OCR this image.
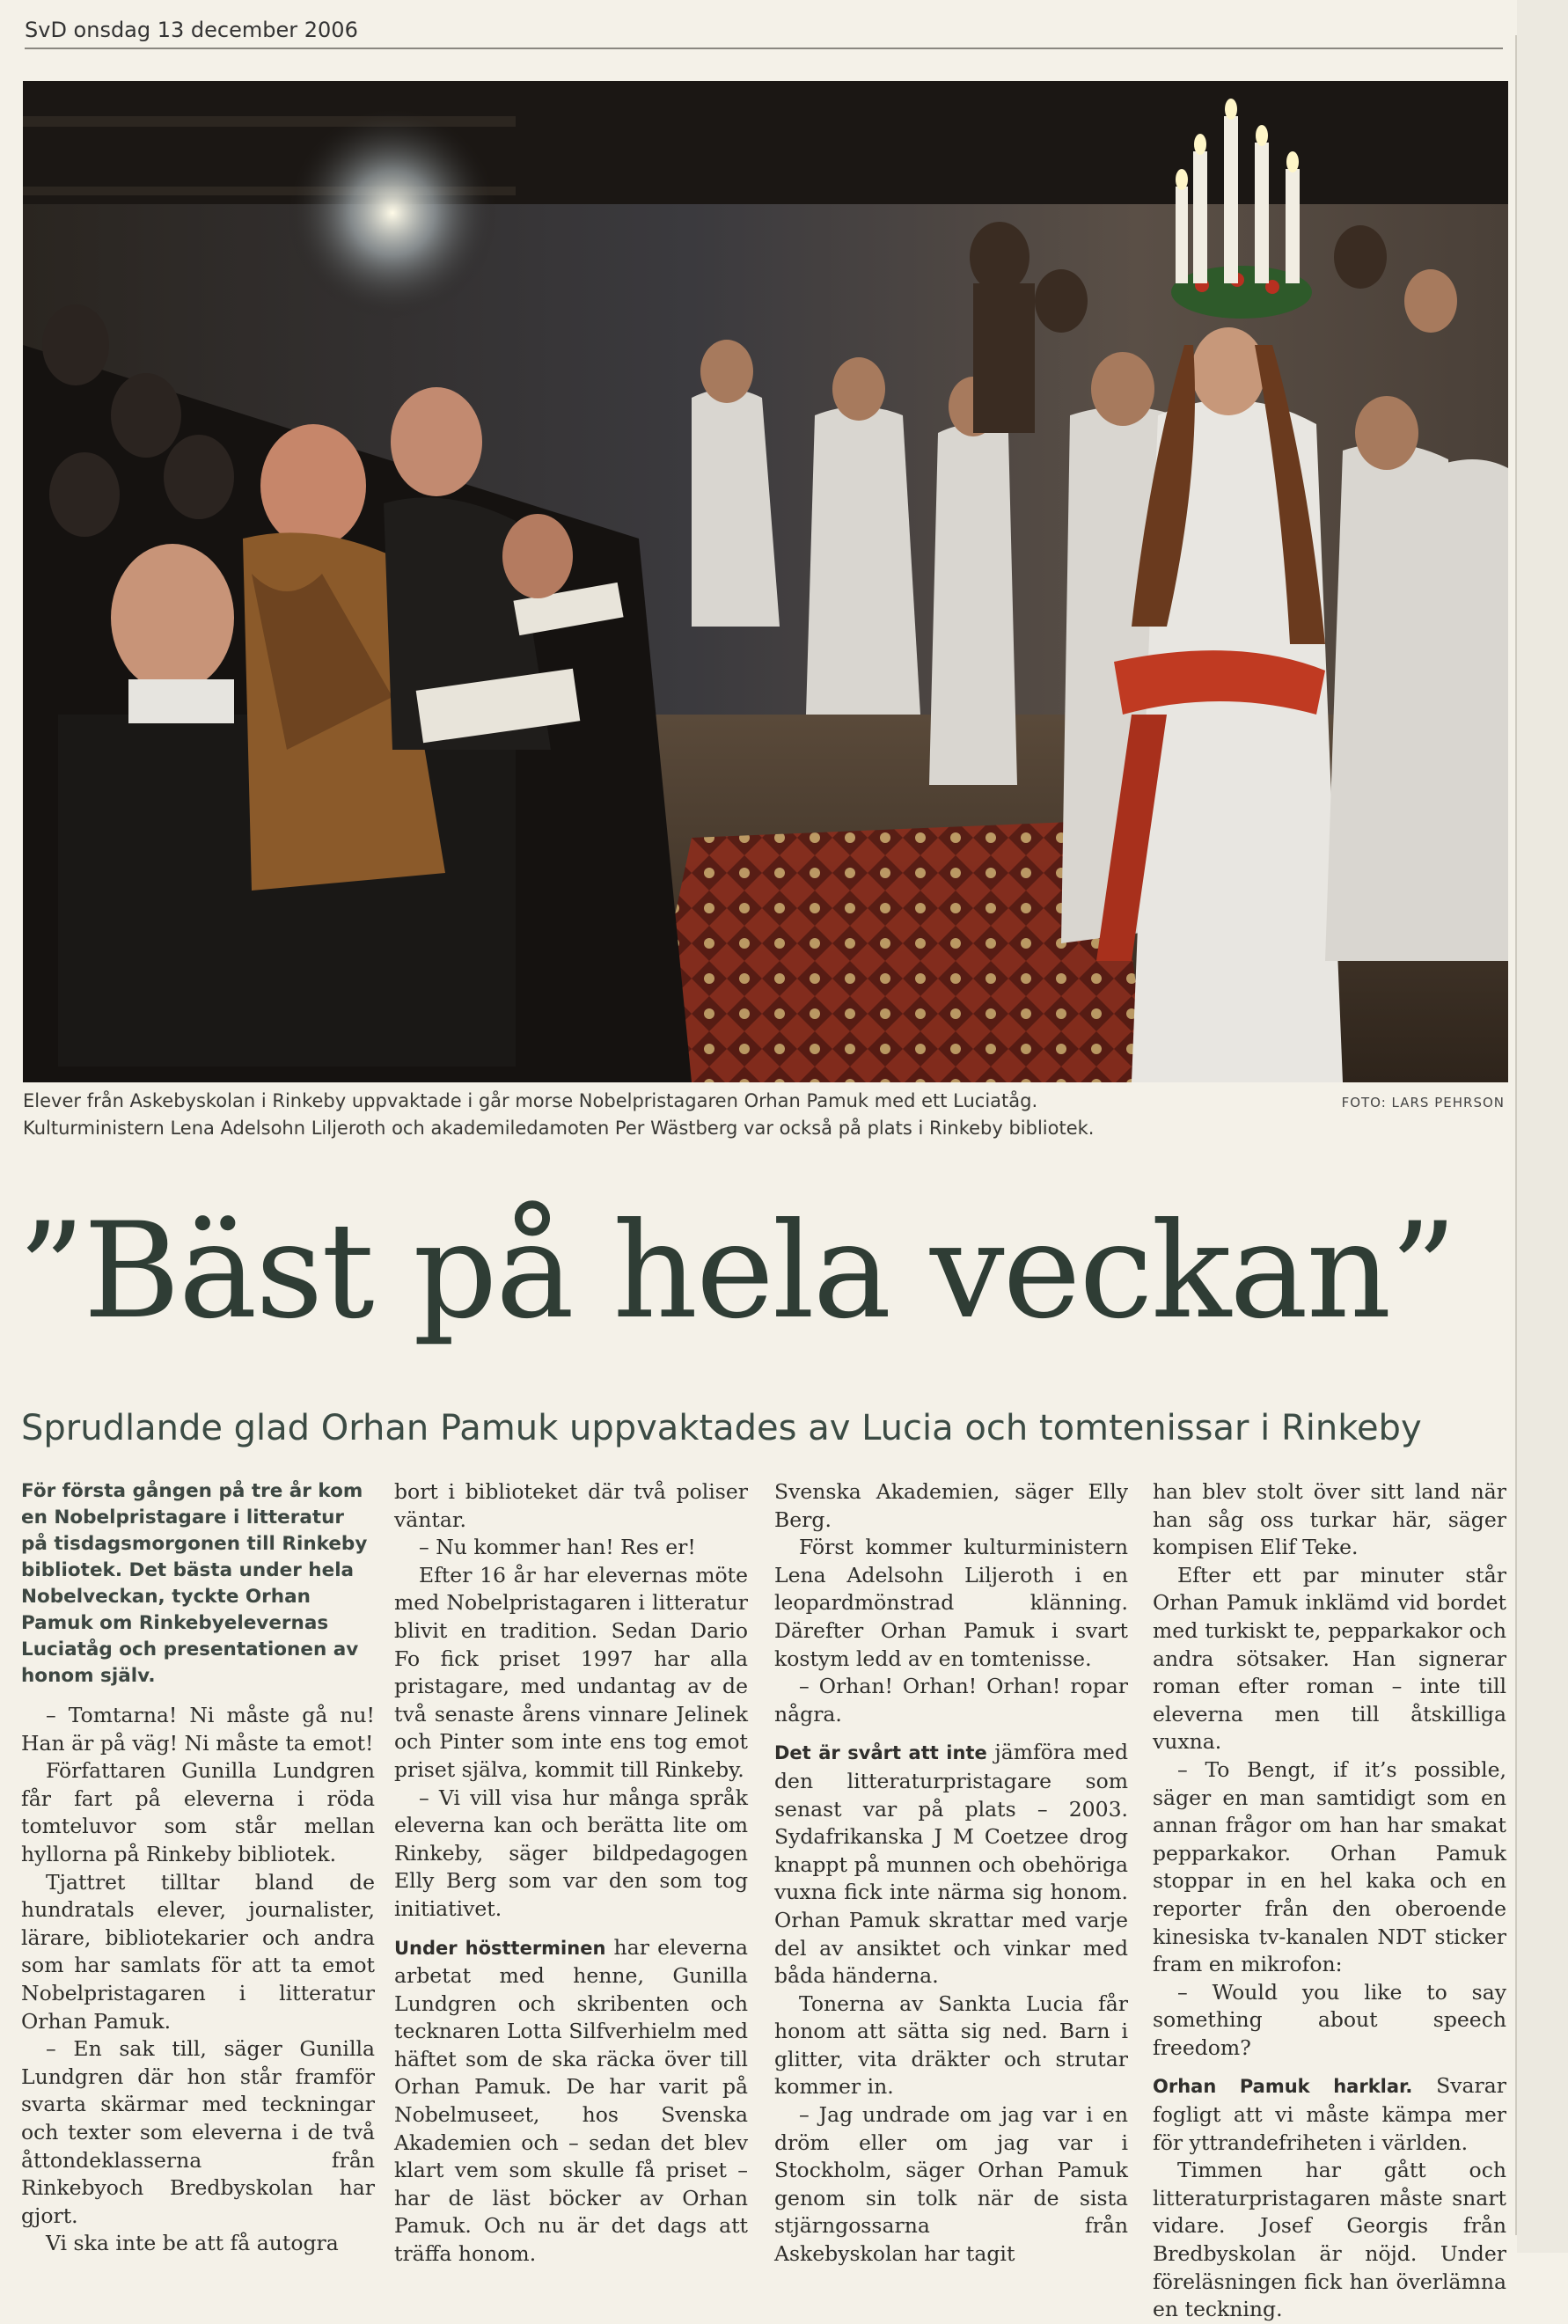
SvD onsdag 13 december 2006
Elever från Askebyskolan i Rinkeby uppvaktade i går morse Nobelpristagaren Orhan Pamuk med ett Luciatåg.
Kulturministern Lena Adelsohn Liljeroth och akademiledamoten Per Wästberg var också på plats i Rinkeby bibliotek.
FOTO: LARS PEHRSON
”Bäst på hela veckan”
Sprudlande glad Orhan Pamuk uppvaktades av Lucia och tomtenissar i Rinkeby

För första gången på tre år kom en Nobelpristagare i litteratur på tisdagsmorgonen till Rinkeby bibliotek. Det bästa under hela Nobelveckan, tyckte Orhan Pamuk om Rinkebyelevernas Luciatåg och presentationen av honom själv.

– Tomtarna! Ni måste gå nu! Han är på väg! Ni måste ta emot!

Författaren Gunilla Lundgren får fart på eleverna i röda tomteluvor som står mellan hyllorna på Rinkeby bibliotek.

Tjattret tilltar bland de hundratals elever, journalister, lärare, bibliotekarier och andra som har samlats för att ta emot Nobelpristagaren i litteratur Orhan Pamuk.

– En sak till, säger Gunilla Lundgren där hon står framför svarta skärmar med teckningar och texter som eleverna i de två åttondeklasserna från Rinkebyoch Bredbyskolan har gjort.

Vi ska inte be att få autogra

bort i biblioteket där två poliser väntar.

– Nu kommer han! Res er!

Efter 16 år har elevernas möte med Nobelpristagaren i litteratur blivit en tradition. Sedan Dario Fo fick priset 1997 har alla pristagare, med undantag av de två senaste årens vinnare Jelinek och Pinter som inte ens tog emot priset själva, kommit till Rinkeby.

– Vi vill visa hur många språk eleverna kan och berätta lite om Rinkeby, säger bildpedagogen Elly Berg som var den som tog initiativet.

Under höstterminen har eleverna arbetat med henne, Gunilla Lundgren och skribenten och tecknaren Lotta Silfverhielm med häftet som de ska räcka över till Orhan Pamuk. De har varit på Nobelmuseet, hos Svenska Akademien och – sedan det blev klart vem som skulle få priset – har de läst böcker av Orhan Pamuk. Och nu är det dags att träffa honom.

Svenska Akademien, säger Elly Berg.

Först kommer kulturministern Lena Adelsohn Liljeroth i en leopardmönstrad klänning. Därefter Orhan Pamuk i svart kostym ledd av en tomtenisse.

– Orhan! Orhan! Orhan! ropar några.

Det är svårt att inte jämföra med den litteraturpristagare som senast var på plats – 2003. Sydafrikanska J M Coetzee drog knappt på munnen och obehöriga vuxna fick inte närma sig honom. Orhan Pamuk skrattar med varje del av ansiktet och vinkar med båda händerna.

Tonerna av Sankta Lucia får honom att sätta sig ned. Barn i glitter, vita dräkter och strutar kommer in.

– Jag undrade om jag var i en dröm eller om jag var i Stockholm, säger Orhan Pamuk genom sin tolk när de sista stjärngossarna från Askebyskolan har tagit

han blev stolt över sitt land när han såg oss turkar här, säger kompisen Elif Teke.

Efter ett par minuter står Orhan Pamuk inklämd vid bordet med turkiskt te, pepparkakor och andra sötsaker. Han signerar roman efter roman – inte till eleverna men till åtskilliga vuxna.

– To Bengt, if it’s possible, säger en man samtidigt som en annan frågor om han har smakat pepparkakor. Orhan Pamuk stoppar in en hel kaka och en reporter från den oberoende kinesiska tv-kanalen NDT sticker fram en mikrofon:

– Would you like to say something about speech freedom?

Orhan Pamuk harklar. Svarar fogligt att vi måste kämpa mer för yttrandefriheten i världen.

Timmen har gått och litteraturpristagaren måste snart vidare. Josef Georgis från Bredbyskolan är nöjd. Under föreläsningen fick han överlämna en teckning.
